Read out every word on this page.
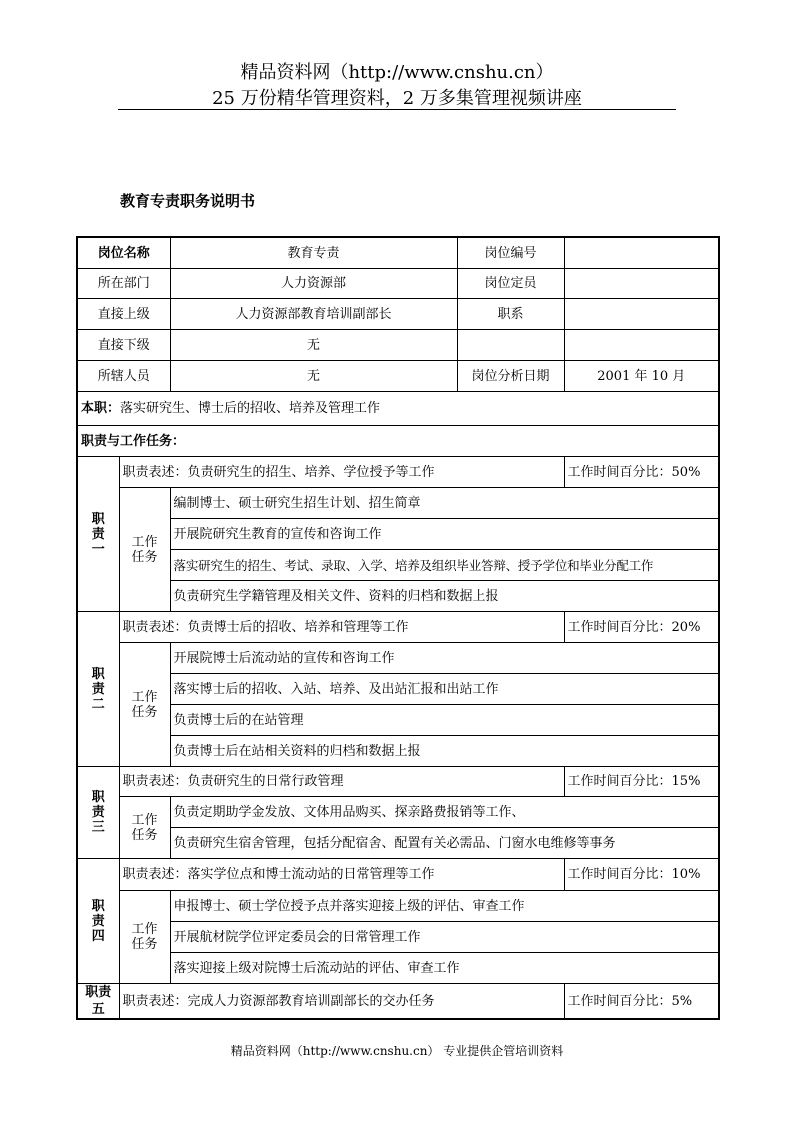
精品资料网（http://www.cnshu.cn）
25 万份精华管理资料，2 万多集管理视频讲座
教育专责职务说明书
岗位名称		教育专责	岗位编号	
所在部门		人力资源部	岗位定员	
直接上级		人力资源部教育培训副部长	职系	
直接下级		无		
所辖人员		无	岗位分析日期	2001 年 10 月
本职：落实研究生、博士后的招收、培养及管理工作				
职责与工作任务：				
职责一	职责表述：负责研究生的招生、培养、学位授予等工作			工作时间百分比：50%
	工作任务	编制博士、硕士研究生招生计划、招生简章		
		开展院研究生教育的宣传和咨询工作		
		落实研究生的招生、考试、录取、入学、培养及组织毕业答辩、授予学位和毕业分配工作		
		负责研究生学籍管理及相关文件、资料的归档和数据上报		
职责二	职责表述：负责博士后的招收、培养和管理等工作			工作时间百分比：20%
	工作任务	开展院博士后流动站的宣传和咨询工作		
		落实博士后的招收、入站、培养、及出站汇报和出站工作		
		负责博士后的在站管理		
		负责博士后在站相关资料的归档和数据上报		
职责三	职责表述：负责研究生的日常行政管理			工作时间百分比：15%
	工作任务	负责定期助学金发放、文体用品购买、探亲路费报销等工作、		
		负责研究生宿舍管理，包括分配宿舍、配置有关必需品、门窗水电维修等事务		
职责四	职责表述：落实学位点和博士流动站的日常管理等工作			工作时间百分比：10%
	工作任务	申报博士、硕士学位授予点并落实迎接上级的评估、审查工作		
		开展航材院学位评定委员会的日常管理工作		
		落实迎接上级对院博士后流动站的评估、审查工作		
职责五	职责表述：完成人力资源部教育培训副部长的交办任务			工作时间百分比：5%
精品资料网（http://www.cnshu.cn） 专业提供企管培训资料
